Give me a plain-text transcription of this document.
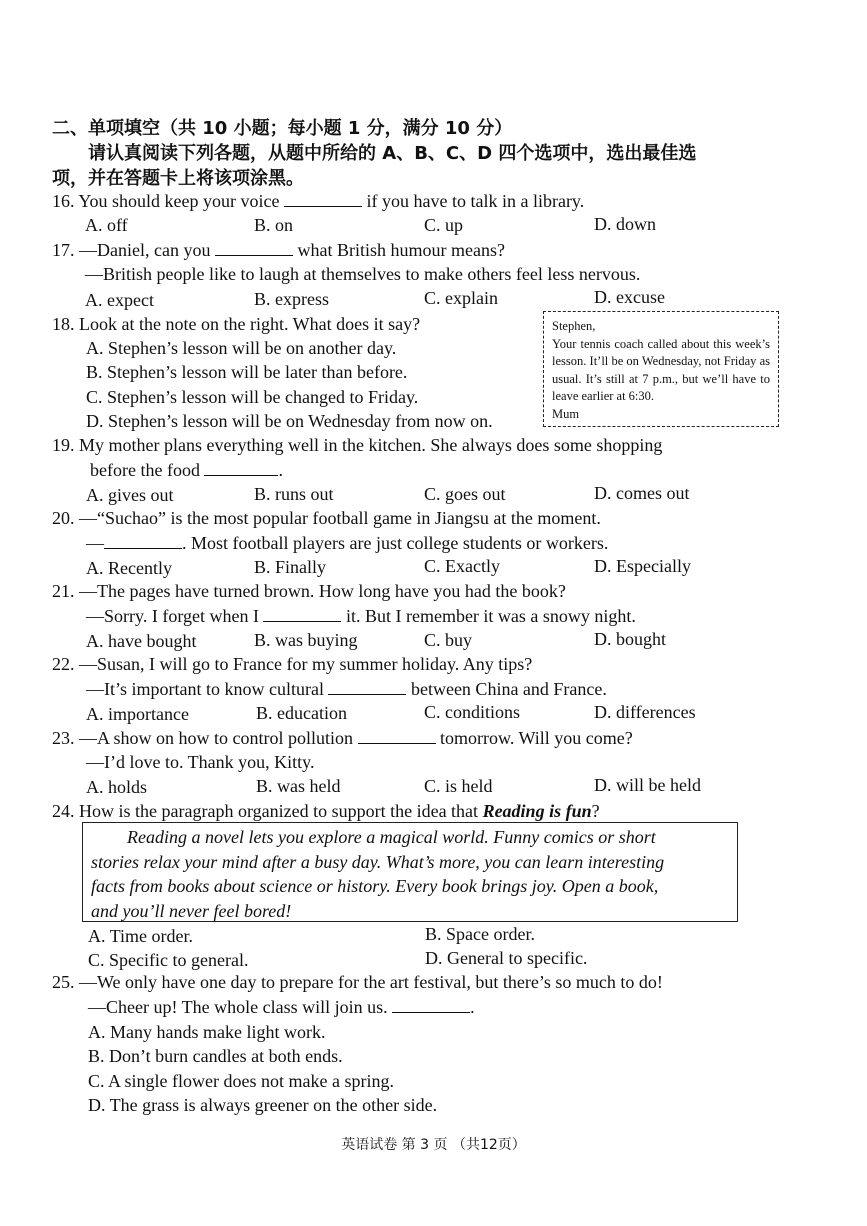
二、单项填空（共 10 小题；每小题 1 分，满分 10 分）
请认真阅读下列各题，从题中所给的 A、B、C、D 四个选项中，选出最佳选
项，并在答题卡上将该项涂黑。
16. You should keep your voice	if you have to talk in a library.
A. off	B. on	C. up	D. down
17. —Daniel, can you	what British humour means?
—British people like to laugh at themselves to make others feel less nervous.
A. expect	B. express	C. explain	D. excuse
18. Look at the note on the right. What does it say?
A. Stephen’s lesson will be on another day.
B. Stephen’s lesson will be later than before.
C. Stephen’s lesson will be changed to Friday.
D. Stephen’s lesson will be on Wednesday from now on.

Stephen,

Your tennis coach called about this week’s lesson. It’ll be on Wednesday, not Friday as usual. It’s still at 7 p.m., but we’ll have to leave earlier at 6:30.

Mum

19. My mother plans everything well in the kitchen. She always does some shopping
before the food	.
A. gives out	B. runs out	C. goes out	D. comes out
20. —“Suchao” is the most popular football game in Jiangsu at the moment.
—	. Most football players are just college students or workers.
A. Recently	B. Finally	C. Exactly	D. Especially
21. —The pages have turned brown. How long have you had the book?
—Sorry. I forget when I	it. But I remember it was a snowy night.
A. have bought	B. was buying	C. buy	D. bought
22. —Susan, I will go to France for my summer holiday. Any tips?
—It’s important to know cultural	between China and France.
A. importance	B. education	C. conditions	D. differences
23. —A show on how to control pollution	tomorrow. Will you come?
—I’d love to. Thank you, Kitty.
A. holds	B. was held	C. is held	D. will be held
24. How is the paragraph organized to support the idea that Reading is fun?
Reading a novel lets you explore a magical world. Funny comics or short
stories relax your mind after a busy day. What’s more, you can learn interesting
facts from books about science or history. Every book brings joy. Open a book,
and you’ll never feel bored!
A. Time order.	B. Space order.
C. Specific to general.	D. General to specific.
25. —We only have one day to prepare for the art festival, but there’s so much to do!
—Cheer up! The whole class will join us.	.
A. Many hands make light work.
B. Don’t burn candles at both ends.
C. A single flower does not make a spring.
D. The grass is always greener on the other side.
英语试卷 第 3 页 （共12页）
